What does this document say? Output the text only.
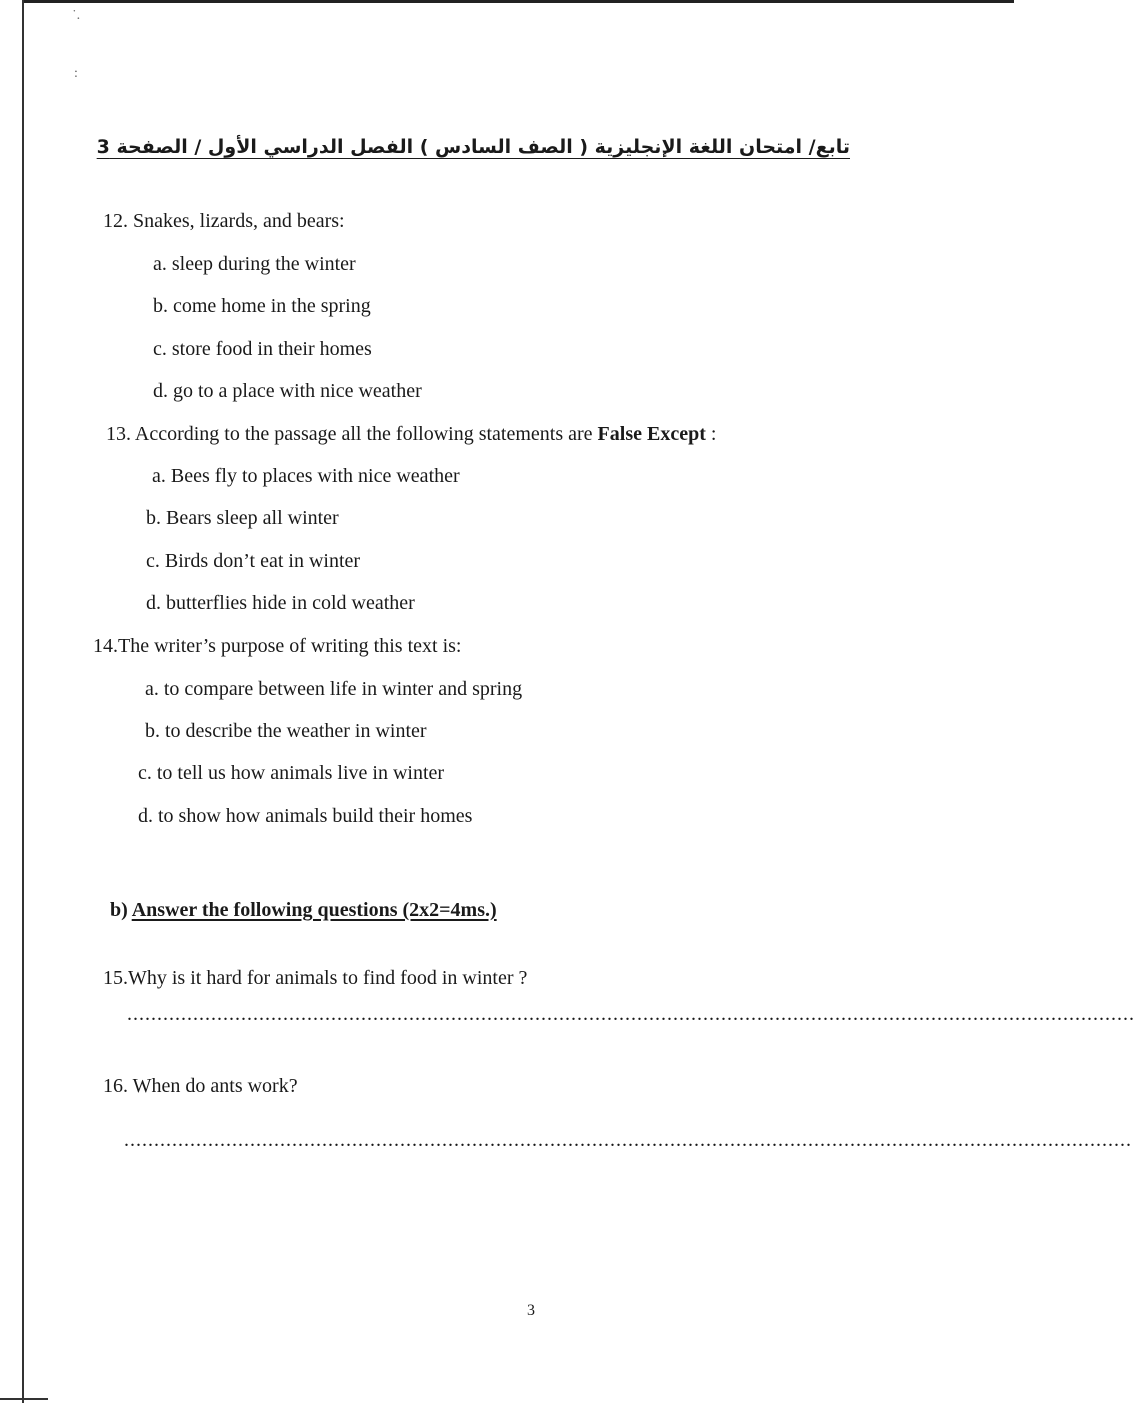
˙.
:
تابع/ امتحان اللغة الإنجليزية ( الصف السادس ) الفصل الدراسي الأول / الصفحة 3
12. Snakes, lizards, and bears:
a. sleep during the winter
b. come home in the spring
c. store food in their homes
d. go to a place with nice weather
13. According to the passage all the following statements are False Except :
a. Bees fly to places with nice weather
b. Bears sleep all winter
c. Birds don’t eat in winter
d. butterflies hide in cold weather
14.The writer’s purpose of writing this text is:
a. to compare between life in winter and spring
b. to describe the weather in winter
c. to tell us how animals live in winter
d. to show how animals build their homes
b) Answer the following questions (2x2=4ms.)
15.Why is it hard for animals to find food in winter ?
........................................................................................................................................................................
16. When do ants work?
........................................................................................................................................................................
3
